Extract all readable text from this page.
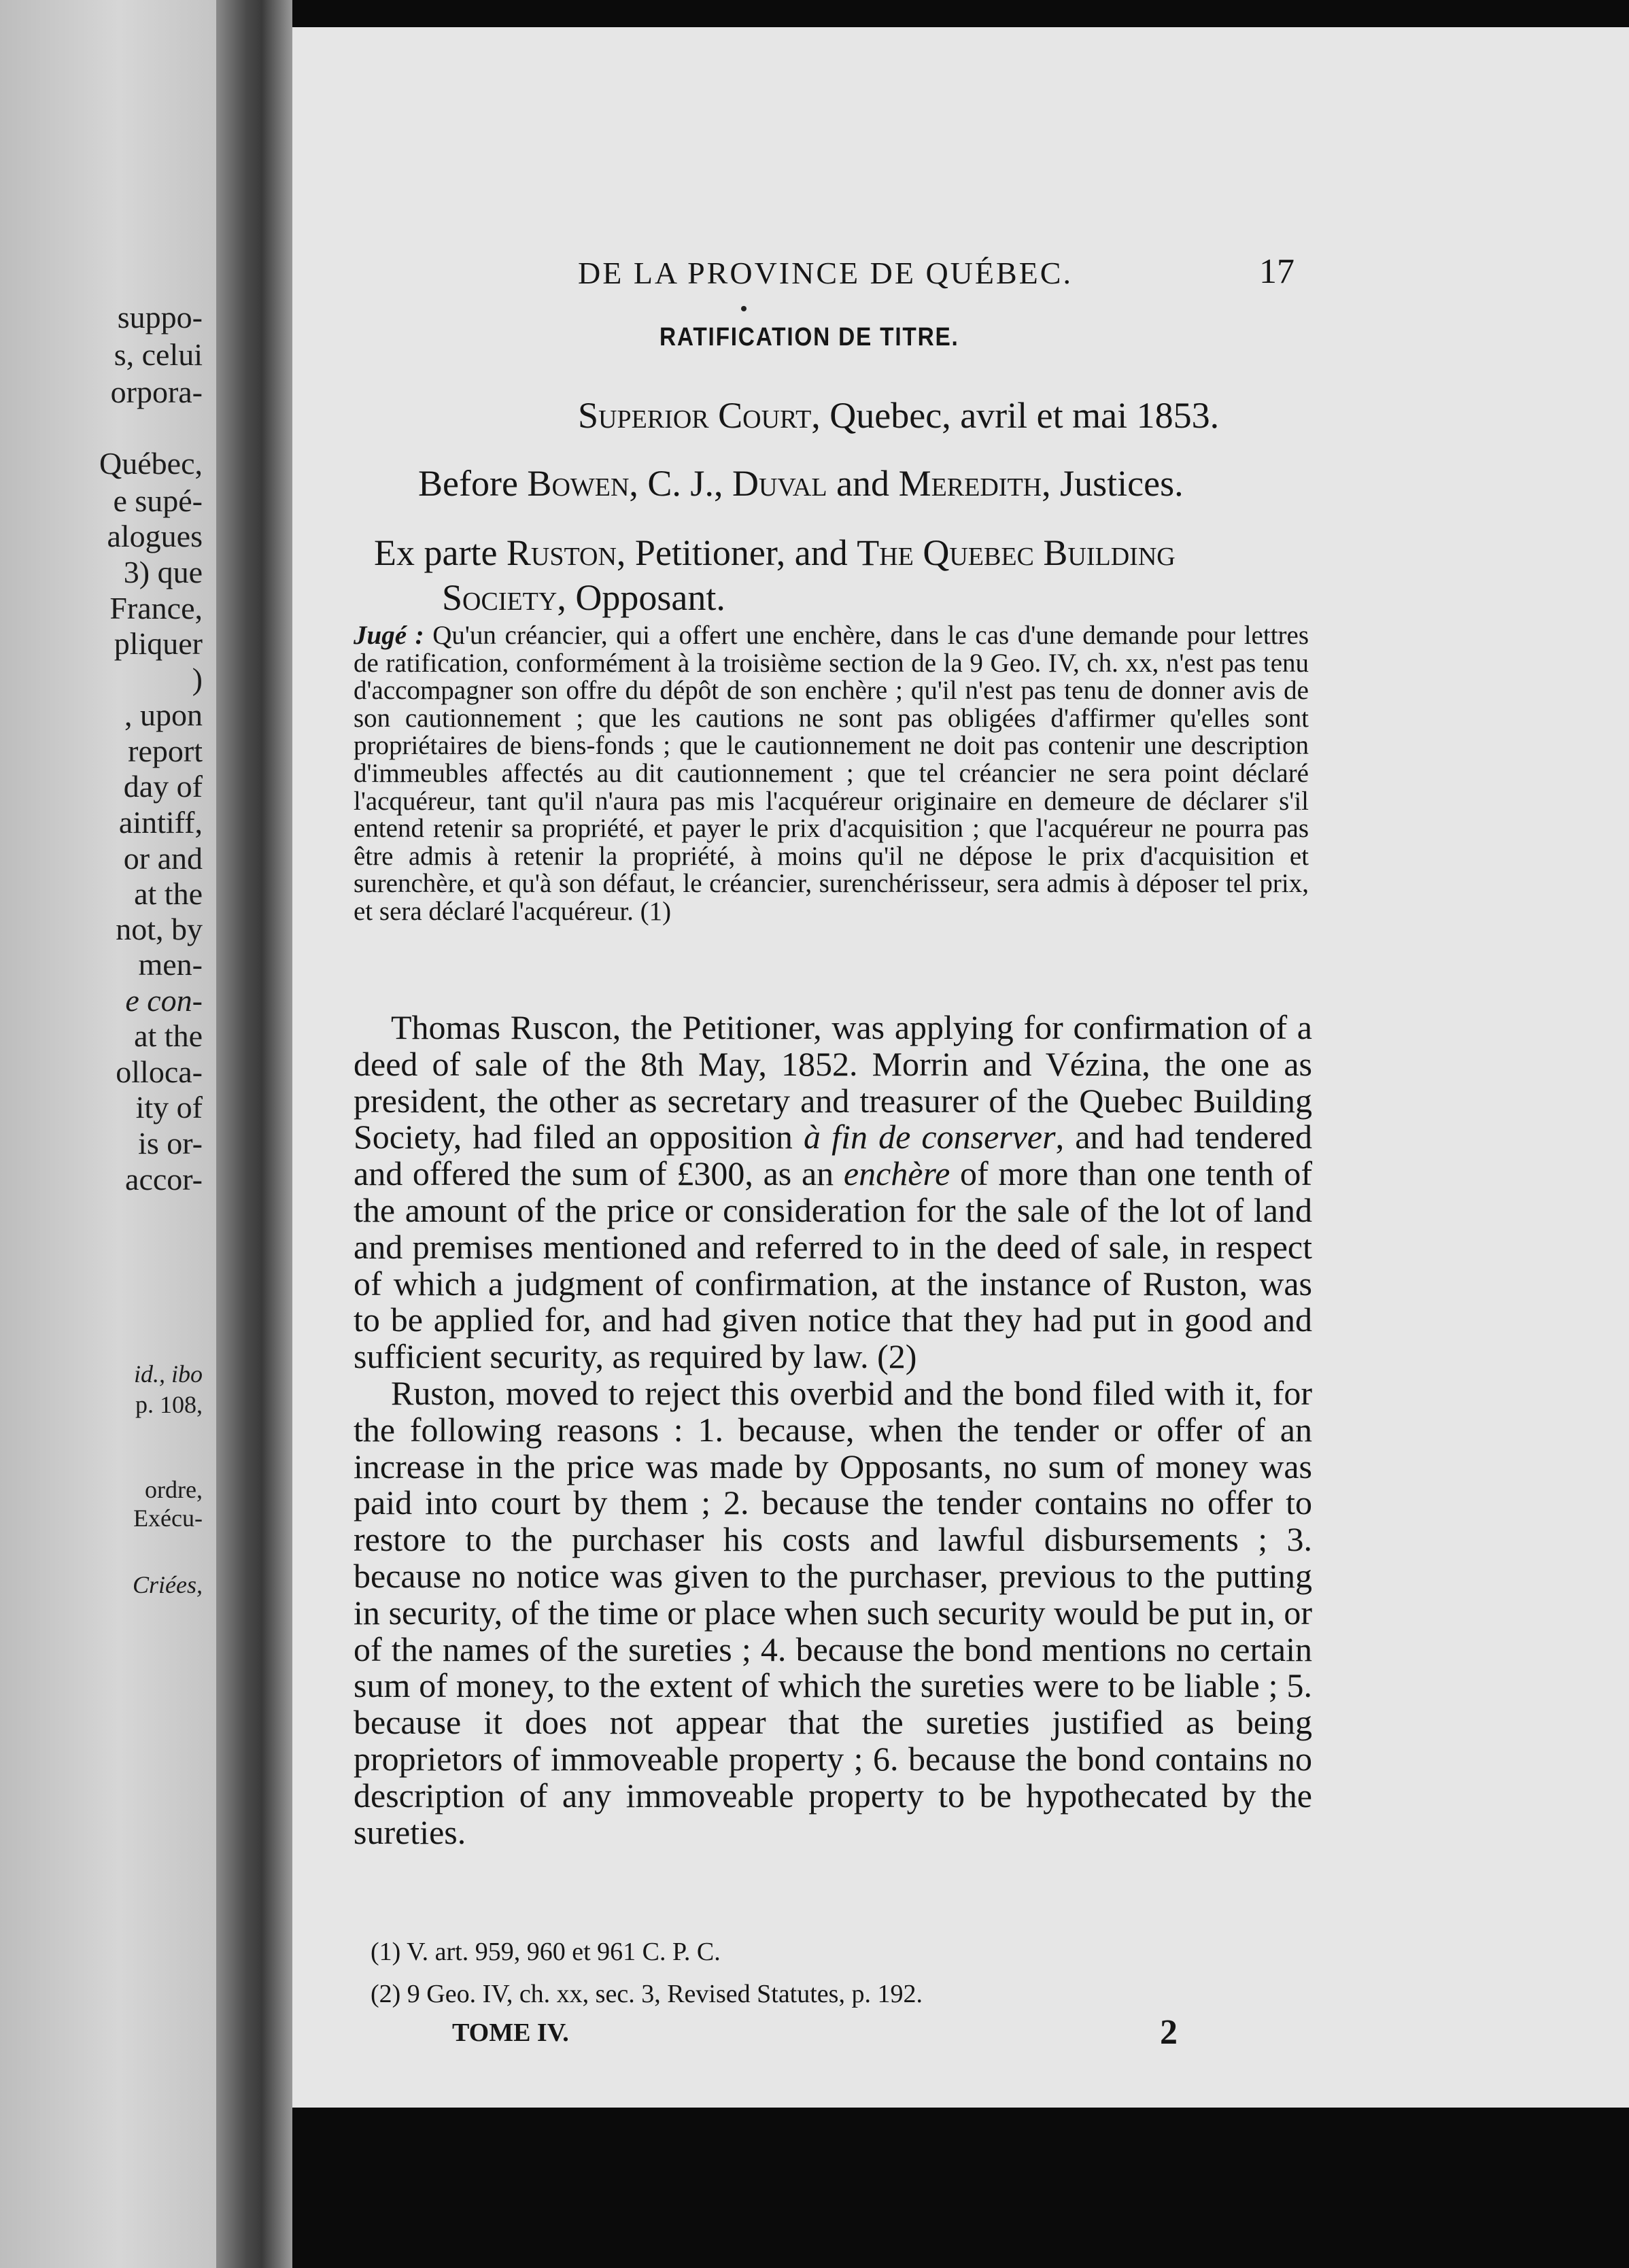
suppo-
s, celui
orpora-
Québec,
e supé-
alogues
3) que
France,
pliquer
)
, upon
report
day of
aintiff,
or and
at the
not, by
men-
e con-
at the
olloca-
ity of
is or-
accor-
id., ibo
p. 108,
ordre,
Exécu-
Criées,
DE LA PROVINCE DE QUÉBEC.	17
RATIFICATION DE TITRE.
Superior Court, Quebec, avril et mai 1853.
Before Bowen, C. J., Duval and Meredith, Justices.
Ex parte Ruston, Petitioner, and The Quebec Building
Society, Opposant.
Jugé : Qu'un créancier, qui a offert une enchère, dans le cas d'une demande pour lettres de ratification, conformément à la troisième section de la 9 Geo. IV, ch. xx, n'est pas tenu d'accompagner son offre du dépôt de son enchère ; qu'il n'est pas tenu de donner avis de son cautionnement ; que les cautions ne sont pas obligées d'affirmer qu'elles sont propriétaires de biens-fonds ; que le cautionnement ne doit pas contenir une description d'immeubles affectés au dit cautionnement ; que tel créancier ne sera point déclaré l'acquéreur, tant qu'il n'aura pas mis l'acquéreur originaire en demeure de déclarer s'il entend retenir sa propriété, et payer le prix d'acquisition ; que l'acquéreur ne pourra pas être admis à retenir la propriété, à moins qu'il ne dépose le prix d'acquisition et surenchère, et qu'à son défaut, le créancier, surenchérisseur, sera admis à déposer tel prix, et sera déclaré l'acquéreur. (1)

Thomas Ruscon, the Petitioner, was applying for confirmation of a deed of sale of the 8th May, 1852. Morrin and Vézina, the one as president, the other as secretary and treasurer of the Quebec Building Society, had filed an opposition à fin de conserver, and had tendered and offered the sum of £300, as an enchère of more than one tenth of the amount of the price or consideration for the sale of the lot of land and premises mentioned and referred to in the deed of sale, in respect of which a judgment of confirmation, at the instance of Ruston, was to be applied for, and had given notice that they had put in good and sufficient security, as required by law. (2)

Ruston, moved to reject this overbid and the bond filed with it, for the following reasons : 1. because, when the tender or offer of an increase in the price was made by Opposants, no sum of money was paid into court by them ; 2. because the tender contains no offer to restore to the purchaser his costs and lawful disbursements ; 3. because no notice was given to the purchaser, previous to the putting in security, of the time or place when such security would be put in, or of the names of the sureties ; 4. because the bond mentions no certain sum of money, to the extent of which the sureties were to be liable ; 5. because it does not appear that the sureties justified as being proprietors of immoveable property ; 6. because the bond contains no description of any immoveable property to be hypothecated by the sureties.

(1) V. art. 959, 960 et 961 C. P. C.
(2) 9 Geo. IV, ch. xx, sec. 3, Revised Statutes, p. 192.
TOME IV.	2
